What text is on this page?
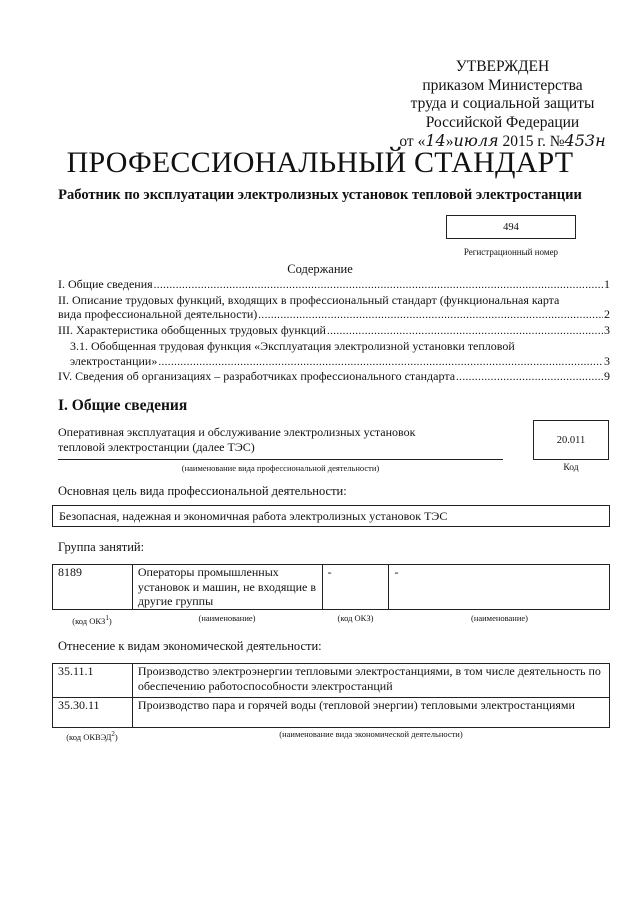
УТВЕРЖДЕН
приказом Министерства
труда и социальной защиты
Российской Федерации
от «14»июля 2015 г. №453н
ПРОФЕССИОНАЛЬНЫЙ СТАНДАРТ
Работник по эксплуатации электролизных установок тепловой электростанции
494
Регистрационный номер
Содержание
I. Общие сведения .....	1
II. Описание трудовых функций, входящих в профессиональный стандарт (функциональная карта
вида профессиональной деятельности) .....	2
III. Характеристика обобщенных трудовых функций .....	3
3.1. Обобщенная трудовая функция «Эксплуатация электролизной установки тепловой
электростанции» .....	3
IV. Сведения об организациях – разработчиках профессионального стандарта .....	9
I. Общие сведения
Оперативная эксплуатация и обслуживание электролизных установок
тепловой электростанции (далее ТЭС)
(наименование вида профессиональной деятельности)
20.011
Код
Основная цель вида профессиональной деятельности:
Безопасная, надежная и экономичная работа электролизных установок ТЭС
Группа занятий:
8189	Операторы промышленных установок и машин, не входящие в другие группы	-	-
(код ОКЗ$^1$)	(наименование)	(код ОКЗ)	(наименование)
Отнесение к видам экономической деятельности:
35.11.1	Производство электроэнергии тепловыми электростанциями, в том числе деятельность по обеспечению работоспособности электростанций
35.30.11	Производство пара и горячей воды (тепловой энергии) тепловыми электростанциями
(код ОКВЭД$^2$)	(наименование вида экономической деятельности)
